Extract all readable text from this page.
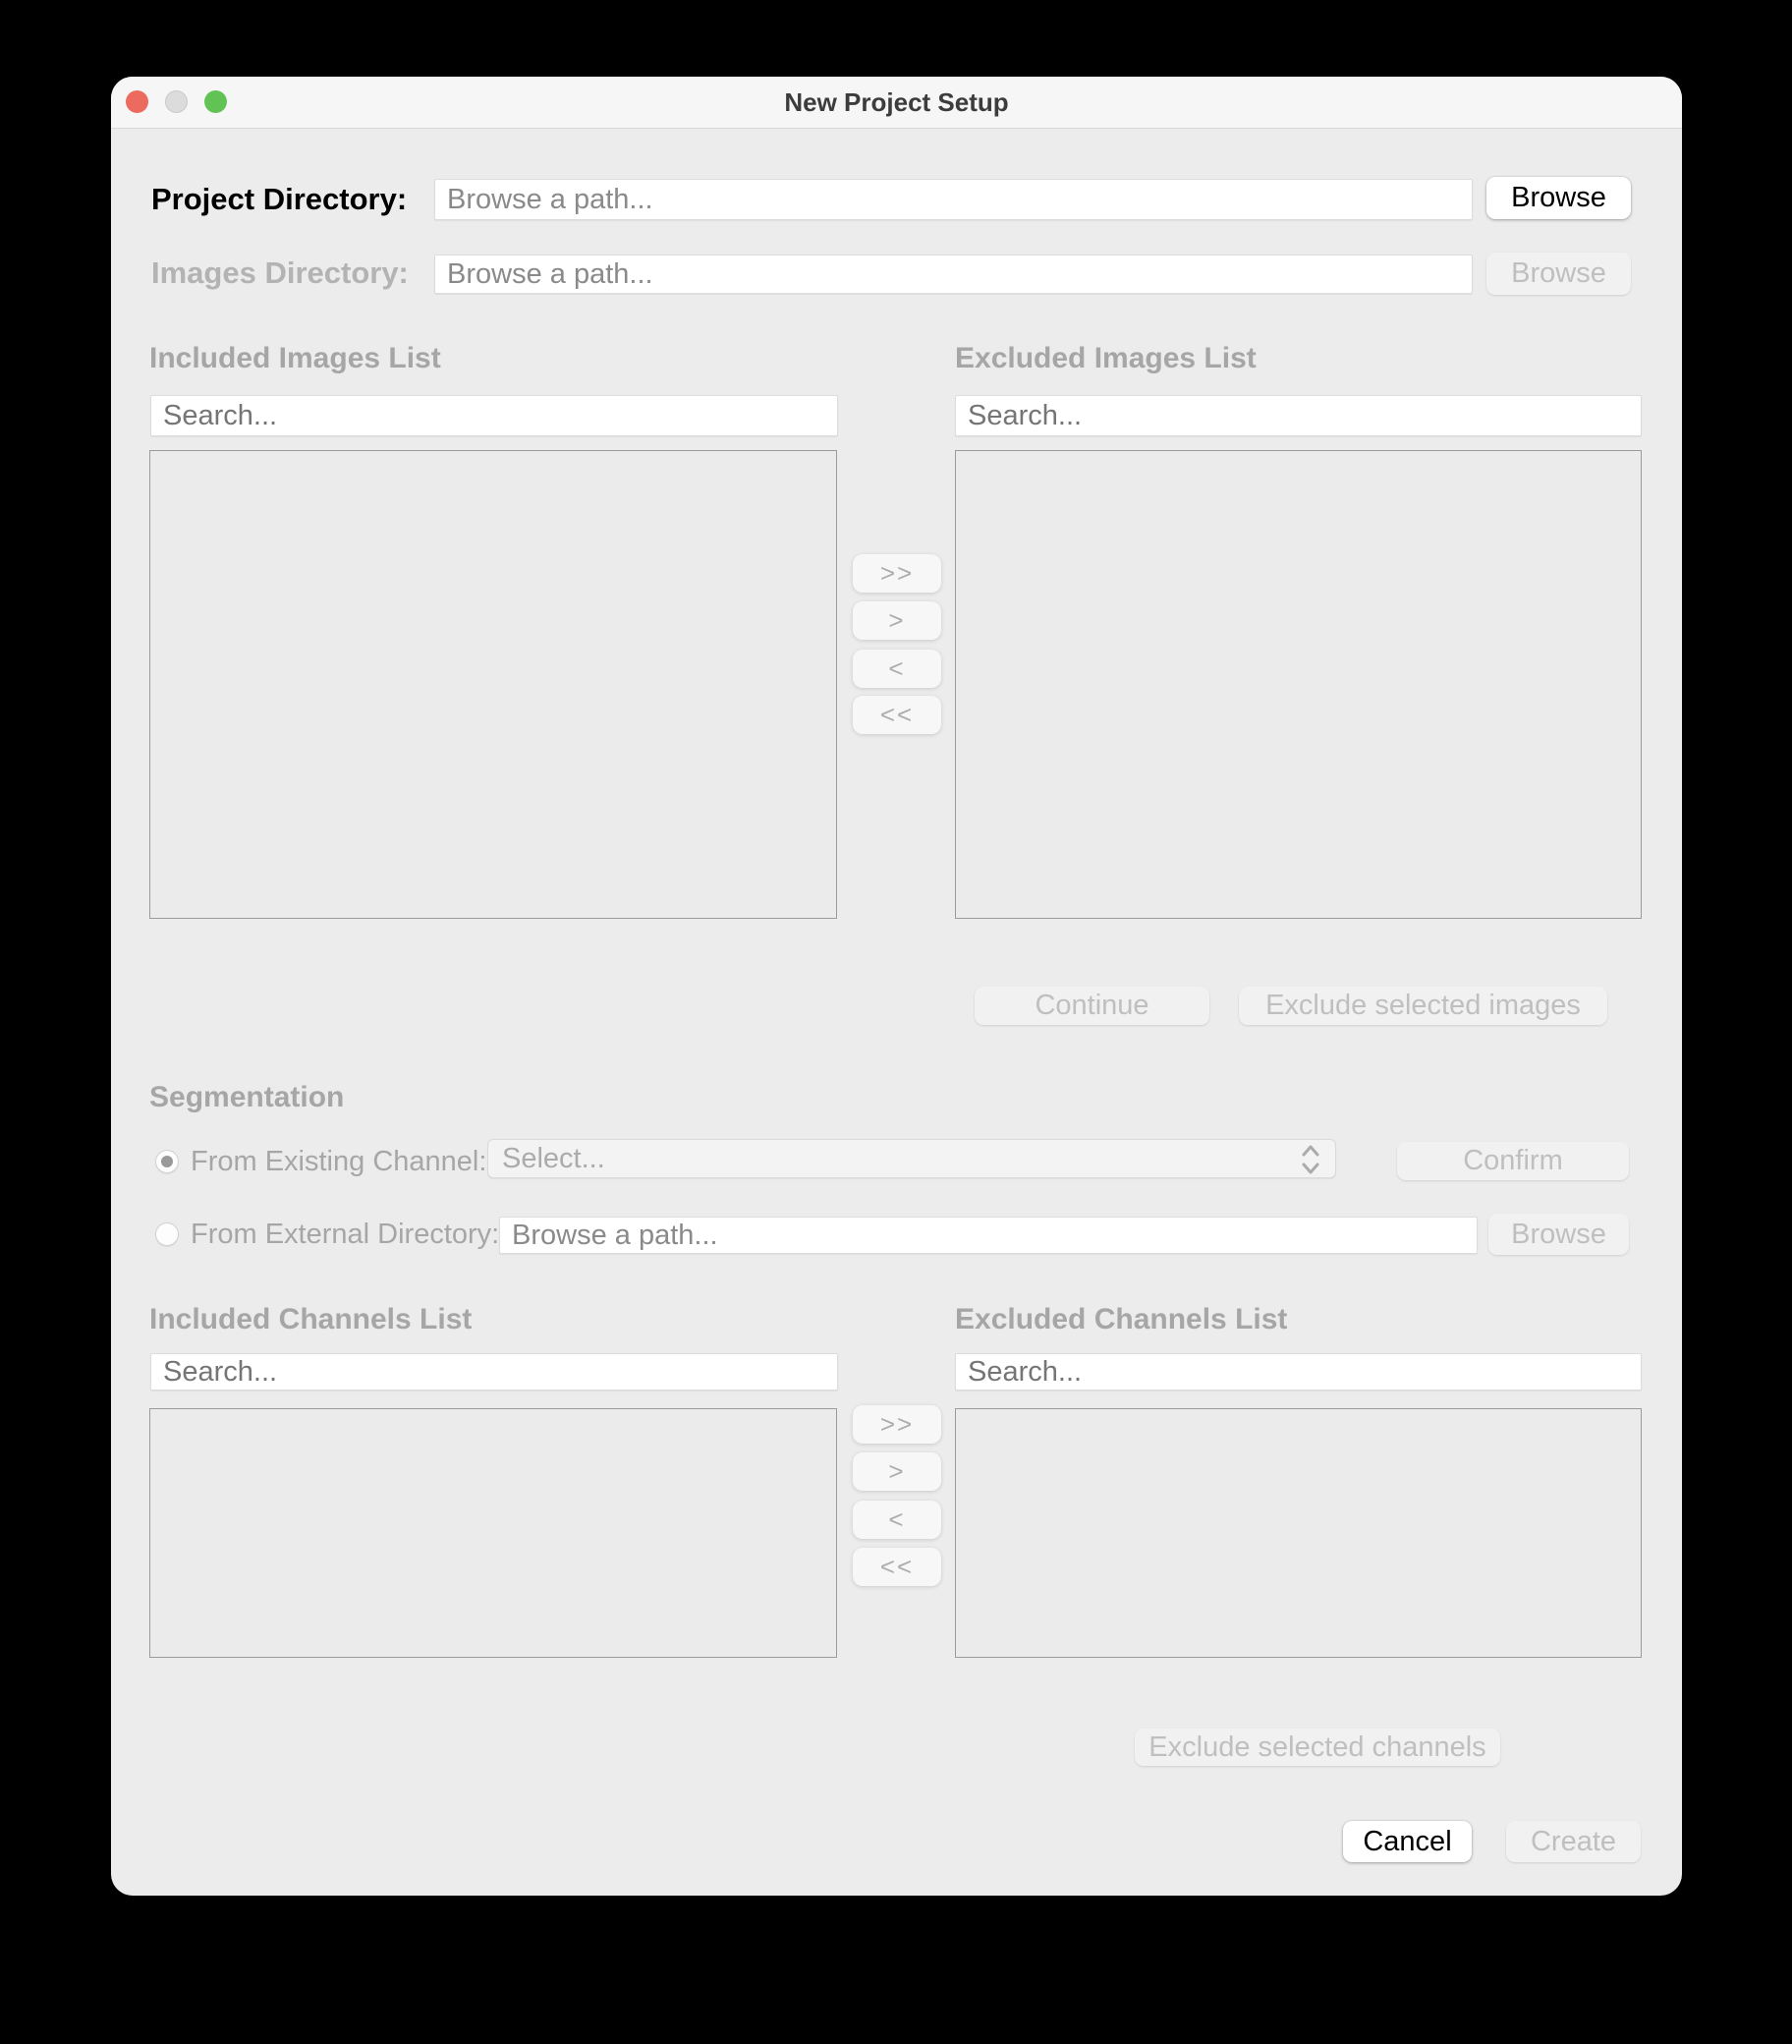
New Project Setup
Project Directory:
Browse a path...	Browse
Images Directory:
Browse a path...	Browse
Included Images List	Excluded Images List
Search...
Search...
>>
>
<
<<
Continue	Exclude selected images
Segmentation
From Existing Channel: Select...	Confirm
From External Directory:
Browse a path...	Browse
Included Channels List	Excluded Channels List
Search...
Search...
>>
>
<
<<
Exclude selected channels
Cancel	Create
